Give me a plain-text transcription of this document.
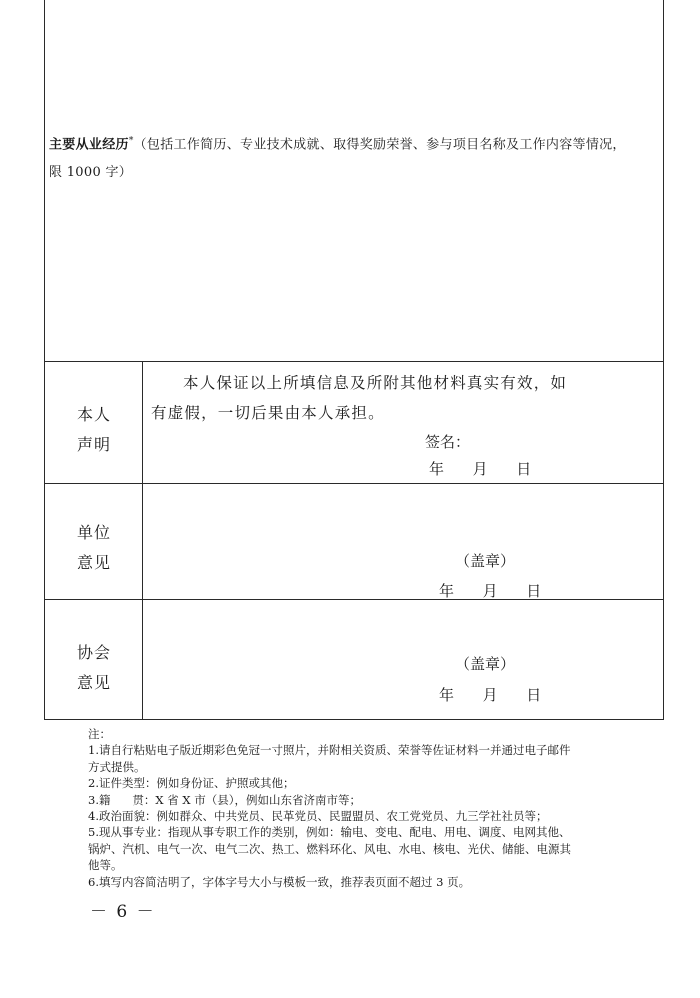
主要从业经历*（包括工作简历、专业技术成就、取得奖励荣誉、参与项目名称及工作内容等情况，
限 1000 字）
本人
声明
本人保证以上所填信息及所附其他材料真实有效，如
有虚假，一切后果由本人承担。
签名：
年      月      日
单位
意见	（盖章）
年      月      日
协会
意见
（盖章）
年      月      日
注：
1.请自行粘贴电子版近期彩色免冠一寸照片，并附相关资质、荣誉等佐证材料一并通过电子邮件
方式提供。
2.证件类型：例如身份证、护照或其他；
3.籍      贯：X 省 X 市（县），例如山东省济南市等；
4.政治面貌：例如群众、中共党员、民革党员、民盟盟员、农工党党员、九三学社社员等；
5.现从事专业：指现从事专职工作的类别，例如：输电、变电、配电、用电、调度、电网其他、
锅炉、汽机、电气一次、电气二次、热工、燃料环化、风电、水电、核电、光伏、储能、电源其
他等。
6.填写内容简洁明了，字体字号大小与模板一致，推荐表页面不超过 3 页。
－ 6 －
